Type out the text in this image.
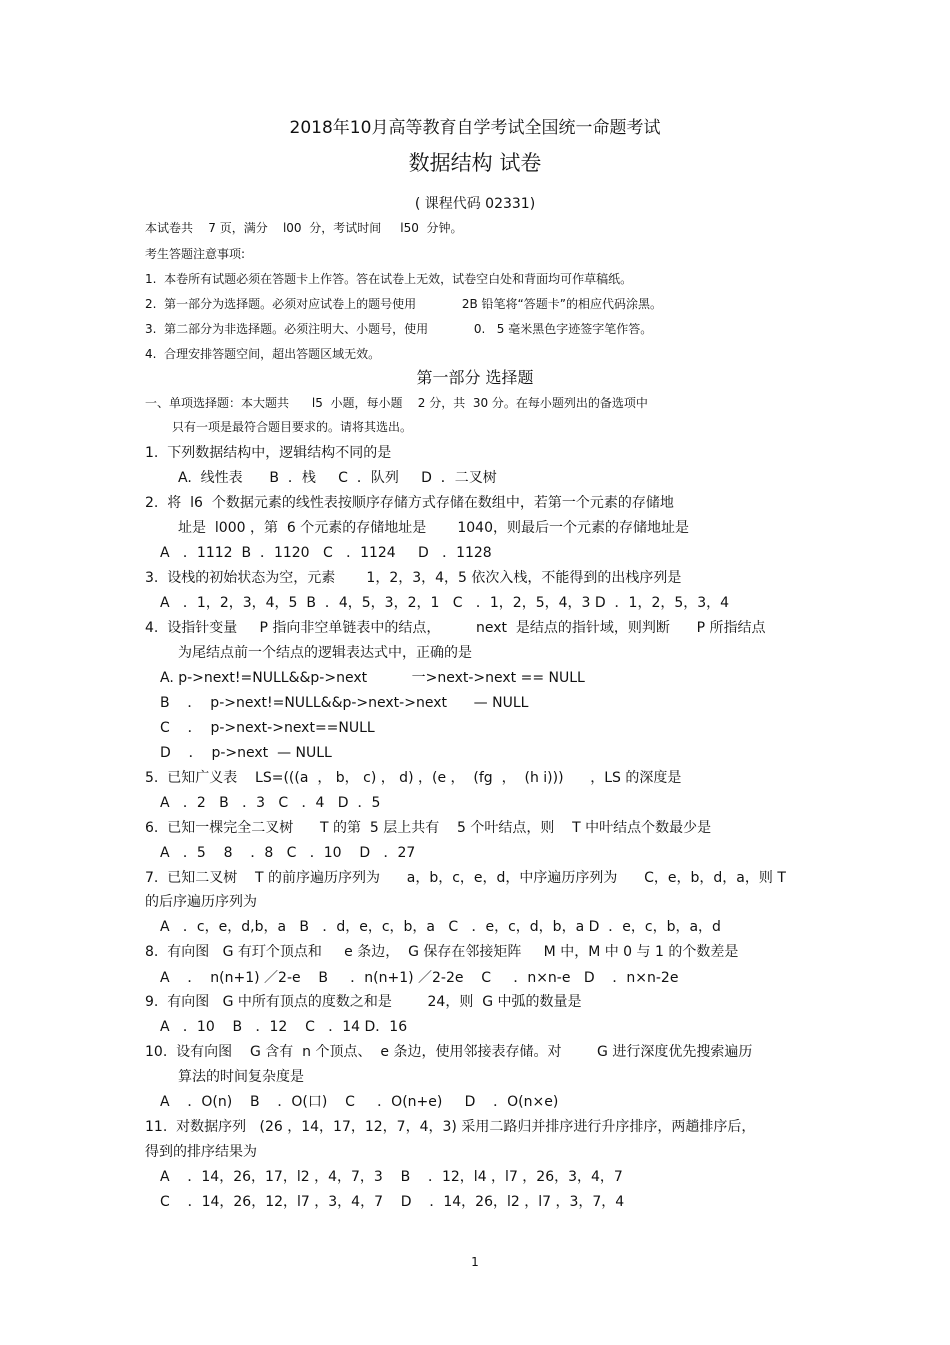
2018年10月高等教育自学考试全国统一命题考试
数据结构 试卷
( 课程代码 02331)
本试卷共    7 页，满分    l00  分，考试时间     l50  分钟。
考生答题注意事项:
1.  本卷所有试题必须在答题卡上作答。答在试卷上无效，试卷空白处和背面均可作草稿纸。
2.  第一部分为选择题。必须对应试卷上的题号使用            2B 铅笔将“答题卡”的相应代码涂黑。
3.  第二部分为非选择题。必须注明大、小题号，使用            0.   5 毫米黑色字迹签字笔作答。
4.  合理安排答题空间，超出答题区域无效。
第一部分 选择题
一、单项选择题：本大题共      l5  小题，每小题    2 分，共  30 分。在每小题列出的备选项中
只有一项是最符合题目要求的。请将其选出。
1.  下列数据结构中，逻辑结构不同的是
A.  线性表      B  ．栈     C  ．队列     D  ．二叉树
2.  将  l6  个数据元素的线性表按顺序存储方式存储在数组中，若第一个元素的存储地
址是  l000 ，第  6 个元素的存储地址是       1040，则最后一个元素的存储地址是
A   ．1112  B  ．1120   C   ．1124     D   ．1128
3.  设栈的初始状态为空，元素       1，2，3，4，5 依次入栈，不能得到的出栈序列是
A   ．1，2，3，4，5  B  ．4，5，3，2，1   C   ．1，2，5，4，3 D  ．1，2，5，3，4
4.  设指针变量     P 指向非空单链表中的结点，        next  是结点的指针域，则判断      P 所指结点
为尾结点前一个结点的逻辑表达式中，正确的是
A. p->next!=NULL&&p->next          一>next->next == NULL
B    ．  p->next!=NULL&&p->next->next      — NULL
C    ．  p->next->next==NULL
D    ．  p->next  — NULL
5.  已知广义表    LS=(((a  ， b， c) ， d) ，(e ，  (fg  ，  (h i)))      ，LS 的深度是
A   ．2   B   ．3   C   ．4   D  ．5
6.  已知一棵完全二叉树      T 的第  5 层上共有    5 个叶结点，则    T 中叶结点个数最少是
A   ．5    8    ．8   C   ．10    D   ．27
7.  已知二叉树    T 的前序遍历序列为      a，b，c，e，d，中序遍历序列为      C，e，b，d，a，则 T
的后序遍历序列为
A   ．c，e，d,b，a   B   ．d，e，c，b，a   C   ．e，c，d，b，a D  ．e，c，b，a，d
8.  有向图   G 有玎个顶点和     e 条边，  G 保存在邻接矩阵     M 中，M 中 0 与 1 的个数差是
A    ．  n(n+1) ／2-e    B     ．n(n+1) ／2-2e    C     ．n×n-e   D    ．n×n-2e
9.  有向图   G 中所有顶点的度数之和是        24，则  G 中弧的数量是
A   ．10    B   ．12    C   ．14 D．16
10.  设有向图    G 含有  n 个顶点、  e 条边，使用邻接表存储。对        G 进行深度优先搜索遍历
算法的时间复杂度是
A    ．O(n)    B    ．O(口)    C     ．O(n+e)     D    ．O(n×e)
11.  对数据序列   (26 ，14，17，12，7，4，3) 采用二路归并排序进行升序排序，两趟排序后，
得到的排序结果为
A    ．14，26，17，l2 ，4，7，3    B    ．12，l4 ，l7 ，26，3，4，7
C    ．14，26，12，l7 ，3，4，7    D    ．14，26，l2 ，l7 ，3，7，4
1
